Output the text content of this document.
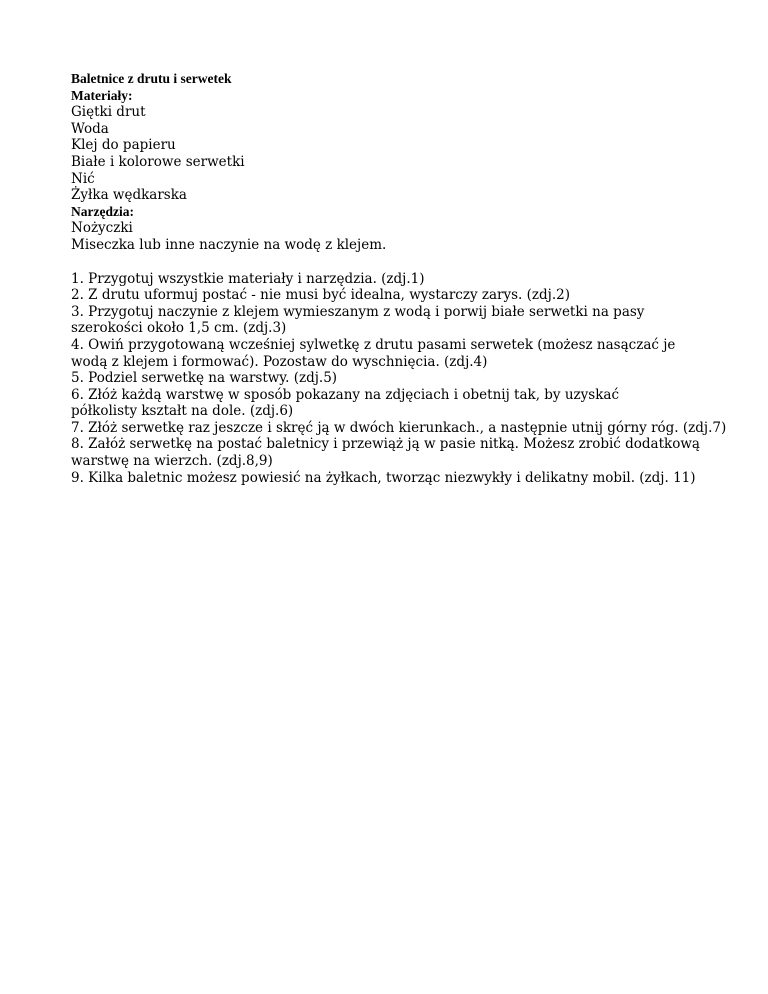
Baletnice z drutu i serwetek
Materiały:
Giętki drut
Woda
Klej do papieru
Białe i kolorowe serwetki
Nić
Żyłka wędkarska
Narzędzia:
Nożyczki
Miseczka lub inne naczynie na wodę z klejem.
1. Przygotuj wszystkie materiały i narzędzia. (zdj.1)
2. Z drutu uformuj postać - nie musi być idealna, wystarczy zarys. (zdj.2)
3. Przygotuj naczynie z klejem wymieszanym z wodą i porwij białe serwetki na pasy
szerokości około 1,5 cm. (zdj.3)
4. Owiń przygotowaną wcześniej sylwetkę z drutu pasami serwetek (możesz nasączać je
wodą z klejem i formować). Pozostaw do wyschnięcia. (zdj.4)
5. Podziel serwetkę na warstwy. (zdj.5)
6. Złóż każdą warstwę w sposób pokazany na zdjęciach i obetnij tak, by uzyskać
półkolisty kształt na dole. (zdj.6)
7. Złóż serwetkę raz jeszcze i skręć ją w dwóch kierunkach., a następnie utnij górny róg. (zdj.7)
8. Załóż serwetkę na postać baletnicy i przewiąż ją w pasie nitką. Możesz zrobić dodatkową
warstwę na wierzch. (zdj.8,9)
9. Kilka baletnic możesz powiesić na żyłkach, tworząc niezwykły i delikatny mobil. (zdj. 11)
